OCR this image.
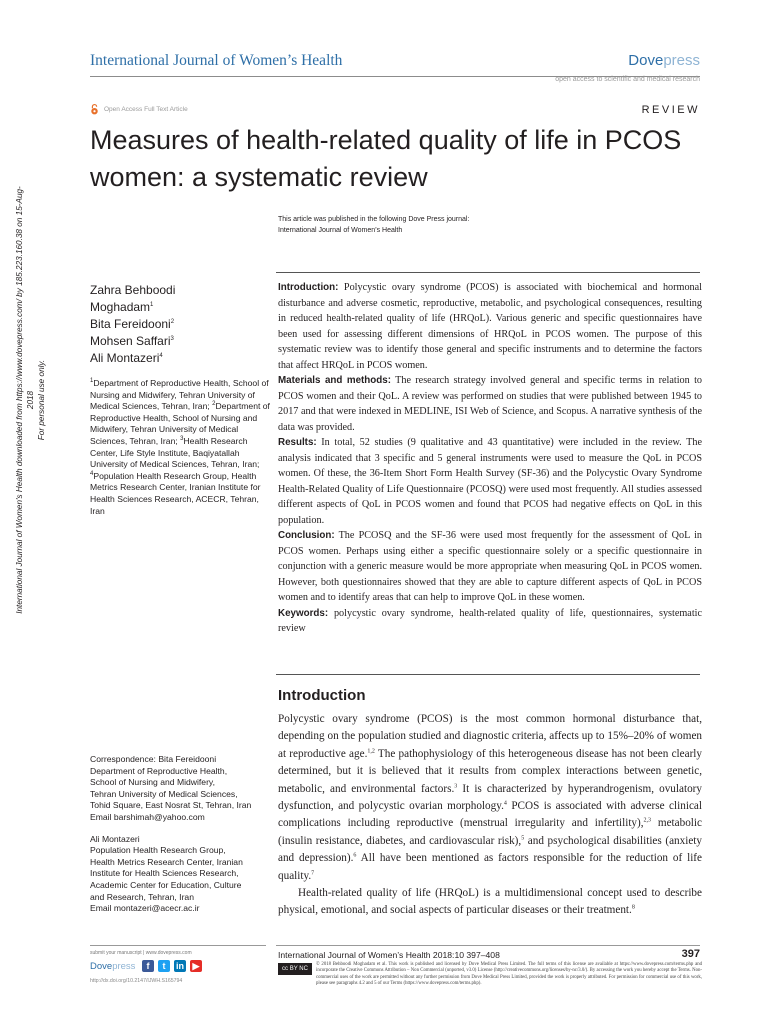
International Journal of Women’s Health	Dovepress
open access to scientific and medical research
Open Access Full Text Article	REVIEW
Measures of health-related quality of life in PCOS women: a systematic review
This article was published in the following Dove Press journal:
International Journal of Women’s Health
Zahra Behboodi
Moghadam$^1$
Bita Fereidooni$^2$
Mohsen Saffari$^3$
Ali Montazeri$^4$
$^1$Department of Reproductive Health, School of Nursing and Midwifery, Tehran University of Medical Sciences, Tehran, Iran; $^2$Department of Reproductive Health, School of Nursing and Midwifery, Tehran University of Medical Sciences, Tehran, Iran; $^3$Health Research Center, Life Style Institute, Baqiyatallah University of Medical Sciences, Tehran, Iran; $^4$Population Health Research Group, Health Metrics Research Center, Iranian Institute for Health Sciences Research, ACECR, Tehran, Iran
Correspondence: Bita Fereidooni
Department of Reproductive Health,
School of Nursing and Midwifery,
Tehran University of Medical Sciences,
Tohid Square, East Nosrat St, Tehran, Iran
Email barshimah@yahoo.com
Ali Montazeri
Population Health Research Group,
Health Metrics Research Center, Iranian
Institute for Health Sciences Research,
Academic Center for Education, Culture
and Research, Tehran, Iran
Email montazeri@acecr.ac.ir

Introduction: Polycystic ovary syndrome (PCOS) is associated with biochemical and hormonal disturbance and adverse cosmetic, reproductive, metabolic, and psychological consequences, resulting in reduced health-related quality of life (HRQoL). Various generic and specific questionnaires have been used for assessing different dimensions of HRQoL in PCOS women. The purpose of this systematic review was to identify those general and specific instruments and to determine the factors that affect HRQoL in PCOS women.

Materials and methods: The research strategy involved general and specific terms in relation to PCOS women and their QoL. A review was performed on studies that were published between 1945 to 2017 and that were indexed in MEDLINE, ISI Web of Science, and Scopus. A narrative synthesis of the data was provided.

Results: In total, 52 studies (9 qualitative and 43 quantitative) were included in the review. The analysis indicated that 3 specific and 5 general instruments were used to measure the QoL in PCOS women. Of these, the 36-Item Short Form Health Survey (SF-36) and the Polycystic Ovary Syndrome Health-Related Quality of Life Questionnaire (PCOSQ) were used most frequently. All studies assessed different aspects of QoL in PCOS women and found that PCOS had negative effects on QoL in this population.

Conclusion: The PCOSQ and the SF-36 were used most frequently for the assessment of QoL in PCOS women. Perhaps using either a specific questionnaire solely or a specific questionnaire in conjunction with a generic measure would be more appropriate when measuring QoL in PCOS women. However, both questionnaires showed that they are able to capture different aspects of QoL in PCOS women and to identify areas that can help to improve QoL in these women.

Keywords: polycystic ovary syndrome, health-related quality of life, questionnaires, systematic review

Introduction

Polycystic ovary syndrome (PCOS) is the most common hormonal disturbance that, depending on the population studied and diagnostic criteria, affects up to 15%–20% of women at reproductive age.$^{1,2}$ The pathophysiology of this heterogeneous disease has not been clearly determined, but it is believed that it results from complex interactions between genetic, metabolic, and environmental factors.$^3$ It is characterized by hyperandrogenism, ovulatory dysfunction, and polycystic ovarian morphology.$^4$ PCOS is associated with adverse clinical complications including reproductive (menstrual irregularity and infertility),$^{2,3}$ metabolic (insulin resistance, diabetes, and cardiovascular risk),$^5$ and psychological disabilities (anxiety and depression).$^6$ All have been mentioned as factors responsible for the reduction of life quality.$^7$

Health-related quality of life (HRQoL) is a multidimensional concept used to describe physical, emotional, and social aspects of particular diseases or their treatment.$^8$

International Journal of Women's Health downloaded from https://www.dovepress.com/ by 185.223.160.38 on 15-Aug-2018 For personal use only.
submit your manuscript | www.dovepress.com
Dovepress	f	t	in ▶
http://dx.doi.org/10.2147/IJWH.S165794
International Journal of Women’s Health 2018:10 397–408	397
cc BY NC
© 2018 Behboodi Moghadam et al. This work is published and licensed by Dove Medical Press Limited. The full terms of this license are available at https://www.dovepress.com/terms.php and incorporate the Creative Commons Attribution – Non Commercial (unported, v3.0) License (http://creativecommons.org/licenses/by-nc/3.0/). By accessing the work you hereby accept the Terms. Non-commercial uses of the work are permitted without any further permission from Dove Medical Press Limited, provided the work is properly attributed. For permission for commercial use of this work, please see paragraphs 4.2 and 5 of our Terms (https://www.dovepress.com/terms.php).
